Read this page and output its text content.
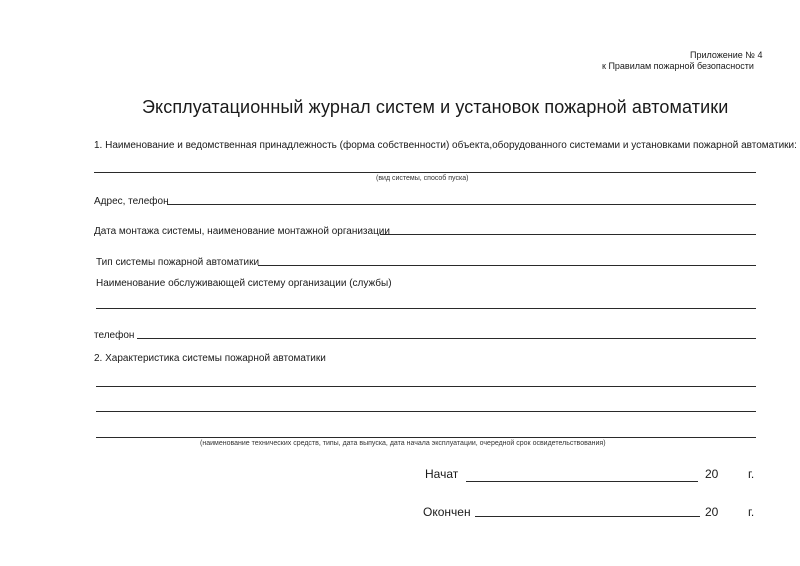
Приложение № 4
к Правилам пожарной безопасности
Эксплуатационный журнал систем и установок пожарной автоматики
1. Наименование и ведомственная принадлежность (форма собственности) объекта,оборудованного системами и установками пожарной автоматики:
(вид системы, способ пуска)
Адрес, телефон
Дата монтажа системы, наименование монтажной организации
Тип системы пожарной автоматики
Наименование обслуживающей систему организации (службы)
телефон
2. Характеристика системы пожарной автоматики
(наименование технических средств, типы, дата выпуска, дата начала эксплуатации, очередной срок освидетельствования)
Начат	20 г.
Окончен	20 г.
